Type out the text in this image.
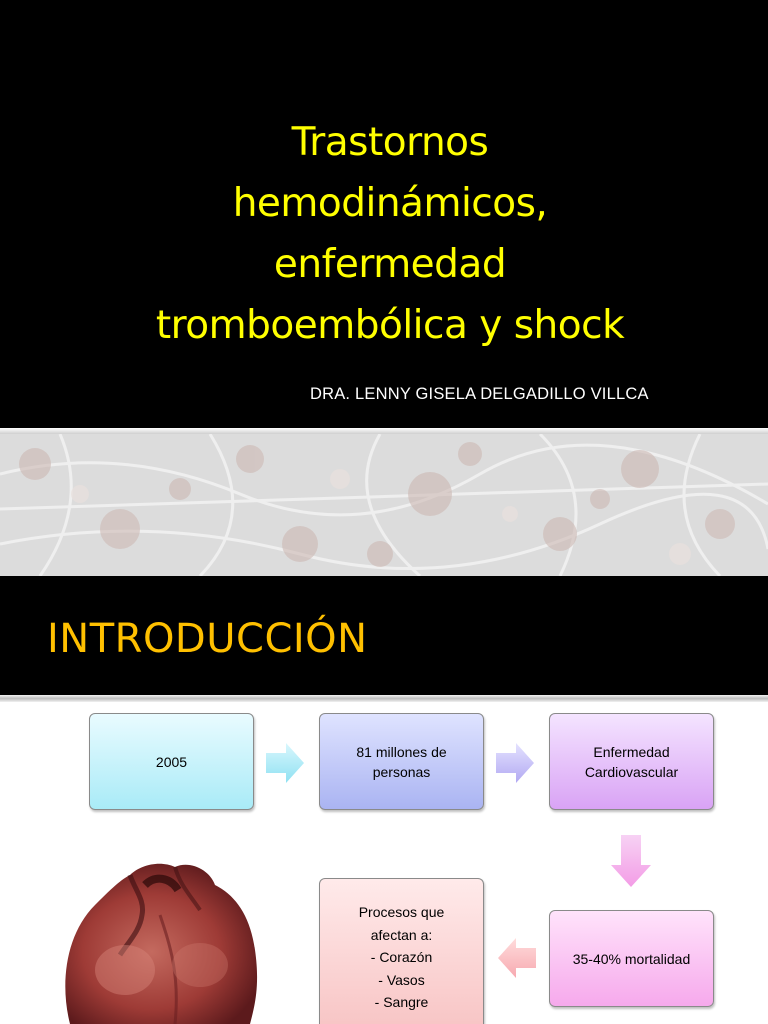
Trastornos
hemodinámicos,
enfermedad
tromboembólica y shock
DRA. LENNY GISELA DELGADILLO VILLCA
INTRODUCCIÓN
2005
81 millones de
personas
Enfermedad
Cardiovascular
35-40% mortalidad
Procesos que
afectan a:
- Corazón
- Vasos
- Sangre
